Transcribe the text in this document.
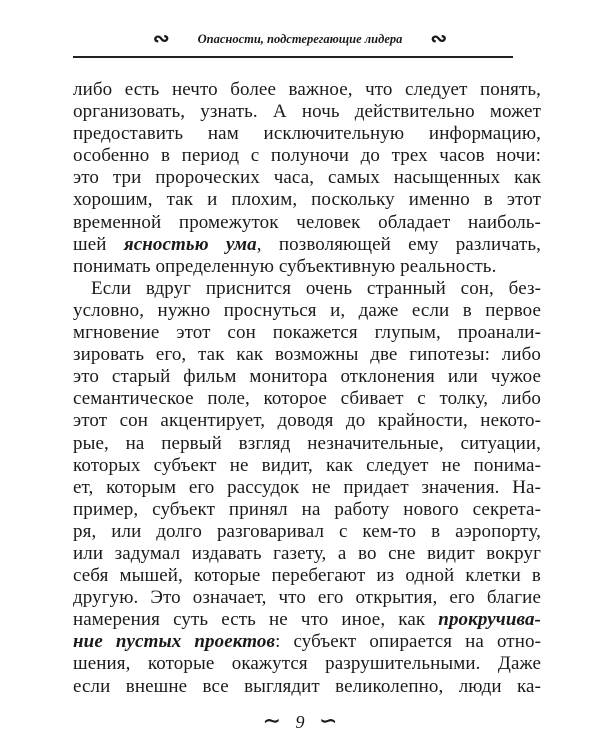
∾ Опасности, подстерегающие лидера ∾
либо есть нечто более важное, что следует понять,
организовать, узнать. А ночь действительно может
предоставить нам исключительную информацию,
особенно в период с полуночи до трех часов ночи:
это три пророческих часа, самых насыщенных как
хорошим, так и плохим, поскольку именно в этот
временной промежуток человек обладает наиболь-
шей ясностью ума, позволяющей ему различать,
понимать определенную субъективную реальность.
Если вдруг приснится очень странный сон, без-
условно, нужно проснуться и, даже если в первое
мгновение этот сон покажется глупым, проанали-
зировать его, так как возможны две гипотезы: либо
это старый фильм монитора отклонения или чужое
семантическое поле, которое сбивает с толку, либо
этот сон акцентирует, доводя до крайности, некото-
рые, на первый взгляд незначительные, ситуации,
которых субъект не видит, как следует не понима-
ет, которым его рассудок не придает значения. На-
пример, субъект принял на работу нового секрета-
ря, или долго разговаривал с кем-то в аэропорту,
или задумал издавать газету, а во сне видит вокруг
себя мышей, которые перебегают из одной клетки в
другую. Это означает, что его открытия, его благие
намерения суть есть не что иное, как прокручива-
ние пустых проектов: субъект опирается на отно-
шения, которые окажутся разрушительными. Даже
если внешне все выглядит великолепно, люди ка-
∼ 9 ∽
